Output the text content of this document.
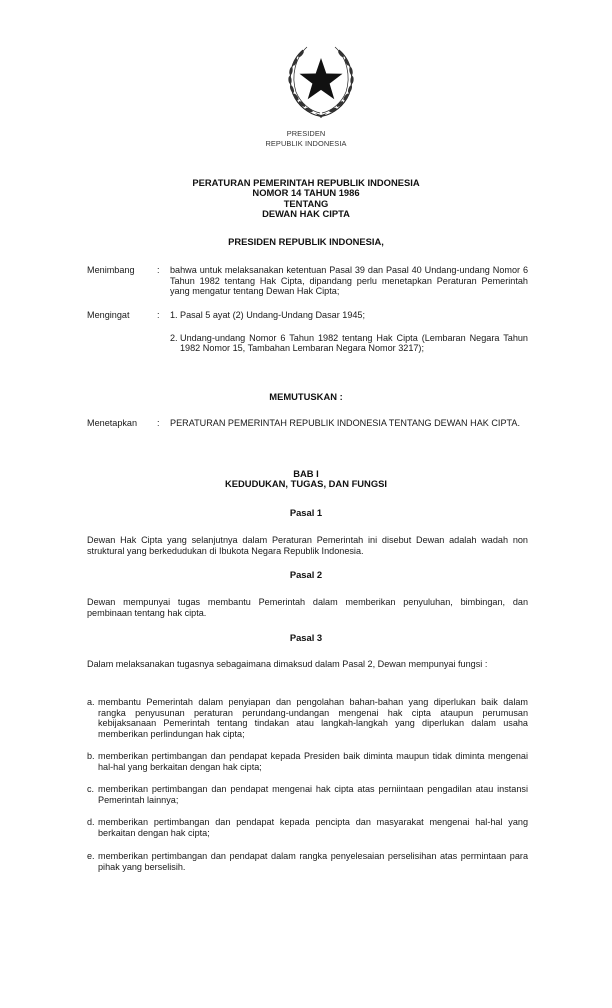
PRESIDEN
REPUBLIK INDONESIA
PERATURAN PEMERINTAH REPUBLIK INDONESIA
NOMOR 14 TAHUN 1986
TENTANG
DEWAN HAK CIPTA
PRESIDEN REPUBLIK INDONESIA,
Menimbang	:	bahwa untuk melaksanakan ketentuan Pasal 39 dan Pasal 40 Undang-undang Nomor 6 Tahun 1982 tentang Hak Cipta, dipandang perlu menetapkan Peraturan Pemerintah yang mengatur tentang Dewan Hak Cipta;
Mengingat	:	1. Pasal 5 ayat (2) Undang-Undang Dasar 1945;
2. Undang-undang Nomor 6 Tahun 1982 tentang Hak Cipta (Lembaran Negara Tahun 1982 Nomor 15, Tambahan Lembaran Negara Nomor 3217);
MEMUTUSKAN :
Menetapkan	:	PERATURAN PEMERINTAH REPUBLIK INDONESIA TENTANG DEWAN HAK CIPTA.
BAB I
KEDUDUKAN, TUGAS, DAN FUNGSI
Pasal 1
Dewan Hak Cipta yang selanjutnya dalam Peraturan Pemerintah ini disebut Dewan adalah wadah non struktural yang berkedudukan di Ibukota Negara Republik Indonesia.
Pasal 2
Dewan mempunyai tugas membantu Pemerintah dalam memberikan penyuluhan, bimbingan, dan pembinaan tentang hak cipta.
Pasal 3
Dalam melaksanakan tugasnya sebagaimana dimaksud dalam Pasal 2, Dewan mempunyai fungsi :
a. membantu Pemerintah dalam penyiapan dan pengolahan bahan-bahan yang diperlukan baik dalam rangka penyusunan peraturan perundang-undangan mengenai hak cipta ataupun perumusan kebijaksanaan Pemerintah tentang tindakan atau langkah-langkah yang diperlukan dalam usaha memberikan perlindungan hak cipta;
b. memberikan pertimbangan dan pendapat kepada Presiden baik diminta maupun tidak diminta mengenai hal-hal yang berkaitan dengan hak cipta;
c. memberikan pertimbangan dan pendapat mengenai hak cipta atas perniintaan pengadilan atau instansi Pemerintah lainnya;
d. memberikan pertimbangan dan pendapat kepada pencipta dan masyarakat mengenai hal-hal yang berkaitan dengan hak cipta;
e. memberikan pertimbangan dan pendapat dalam rangka penyelesaian perselisihan atas permintaan para pihak yang berselisih.
